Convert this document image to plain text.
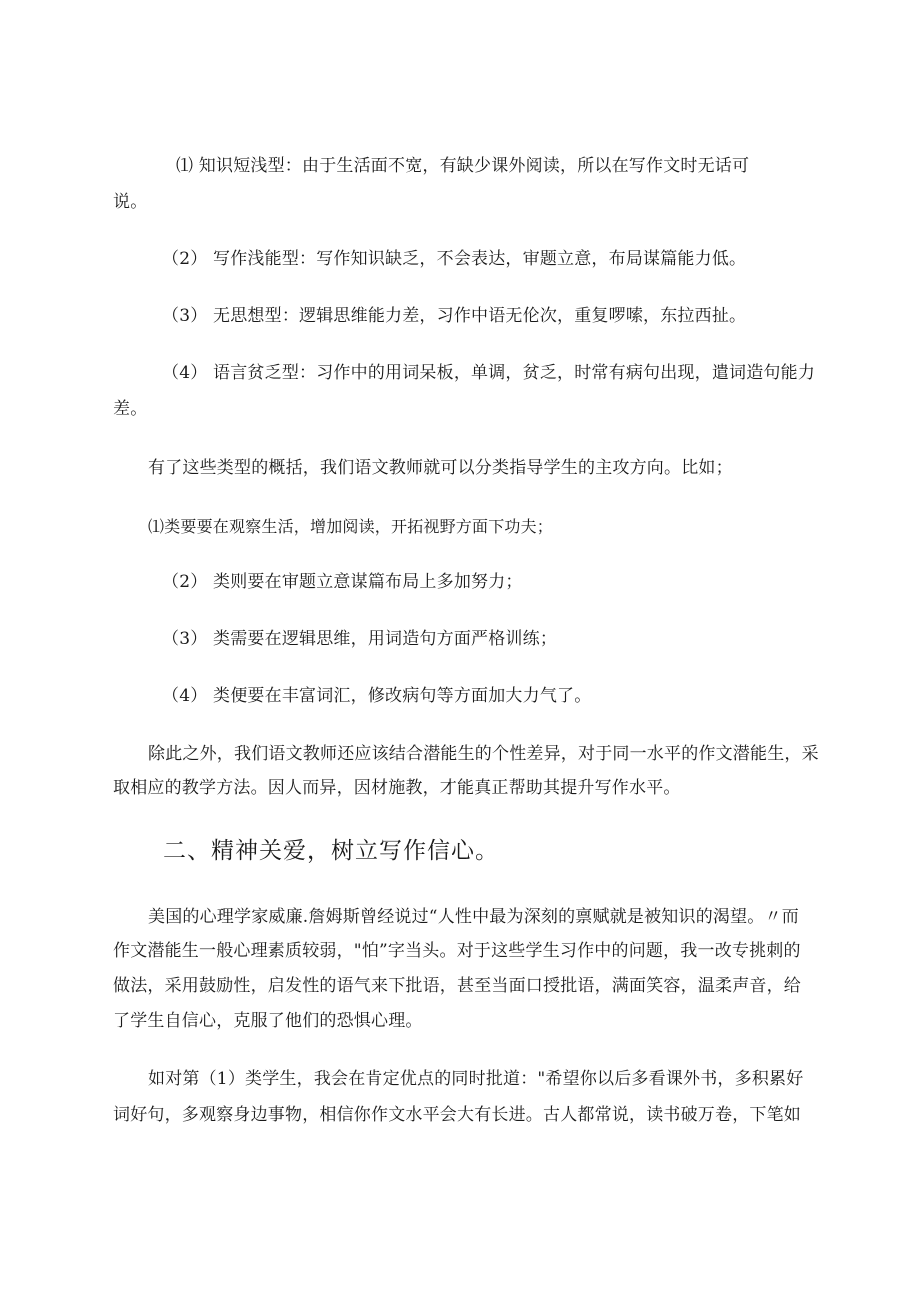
⑴ 知识短浅型：由于生活面不宽，有缺少课外阅读，所以在写作文时无话可
说。
（2） 写作浅能型：写作知识缺乏，不会表达，审题立意，布局谋篇能力低。
（3） 无思想型：逻辑思维能力差，习作中语无伦次，重复啰嗦，东拉西扯。
（4） 语言贫乏型：习作中的用词呆板，单调，贫乏，时常有病句出现，遣词造句能力
差。
有了这些类型的概括，我们语文教师就可以分类指导学生的主攻方向。比如；
⑴类要要在观察生活，增加阅读，开拓视野方面下功夫；
（2） 类则要在审题立意谋篇布局上多加努力；
（3） 类需要在逻辑思维，用词造句方面严格训练；
（4） 类便要在丰富词汇，修改病句等方面加大力气了。
除此之外，我们语文教师还应该结合潜能生的个性差异，对于同一水平的作文潜能生，采
取相应的教学方法。因人而异，因材施教，才能真正帮助其提升写作水平。
二、精神关爱，树立写作信心。
美国的心理学家威廉.詹姆斯曾经说过“人性中最为深刻的禀赋就是被知识的渴望。〃而
作文潜能生一般心理素质较弱，"怕”字当头。对于这些学生习作中的问题，我一改专挑刺的
做法，采用鼓励性，启发性的语气来下批语，甚至当面口授批语，满面笑容，温柔声音，给
了学生自信心，克服了他们的恐惧心理。
如对第（1）类学生，我会在肯定优点的同时批道："希望你以后多看课外书，多积累好
词好句，多观察身边事物，相信你作文水平会大有长进。古人都常说，读书破万卷，下笔如
